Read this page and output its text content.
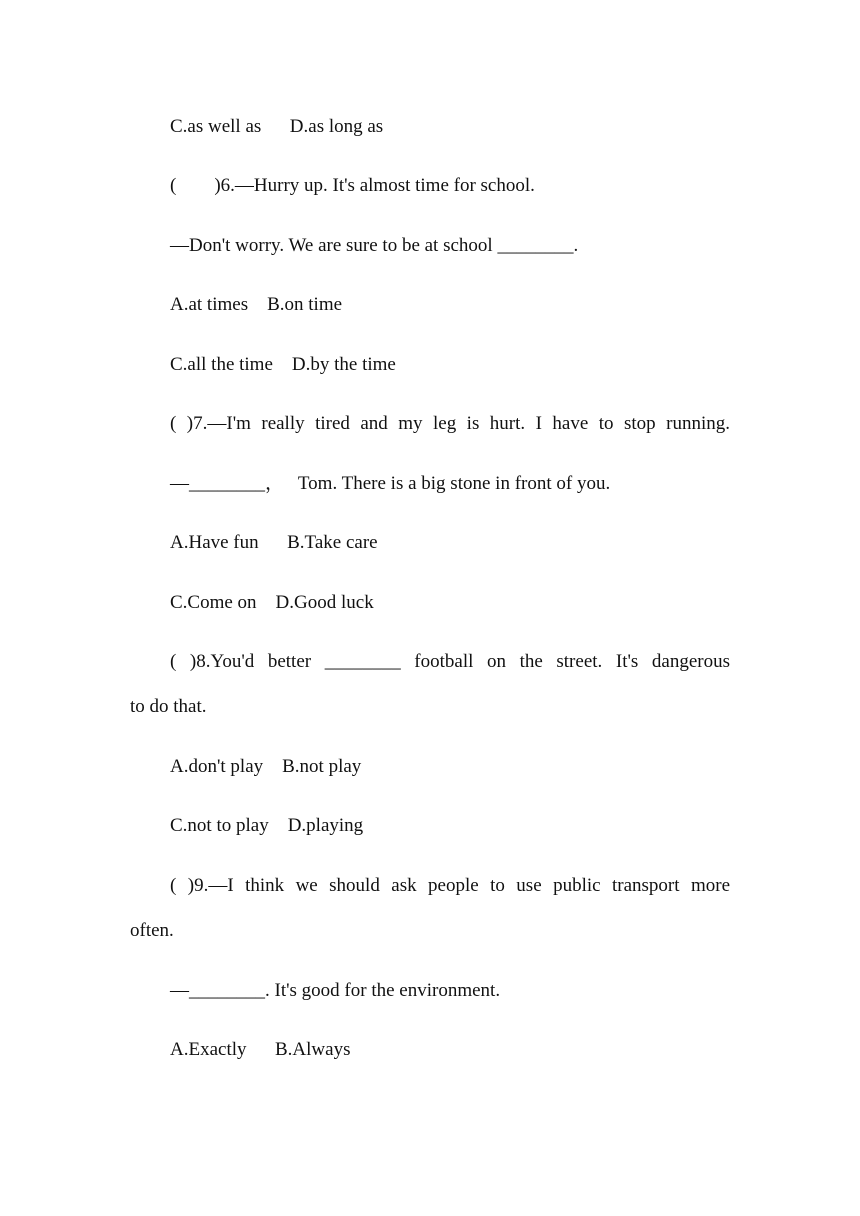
C.as well as      D.as long as
(        )6.—Hurry up. It's almost time for school.
—Don't worry. We are sure to be at school ________.
A.at times    B.on time
C.all the time    D.by the time
( )7.—I'm really tired and my leg is hurt. I have to stop running.
—________，   Tom. There is a big stone in front of you.
A.Have fun      B.Take care
C.Come on    D.Good luck
( )8.You'd better ________ football on the street. It's dangerous
to do that.
A.don't play    B.not play
C.not to play    D.playing
( )9.—I think we should ask people to use public transport more
often.
—________. It's good for the environment.
A.Exactly      B.Always
